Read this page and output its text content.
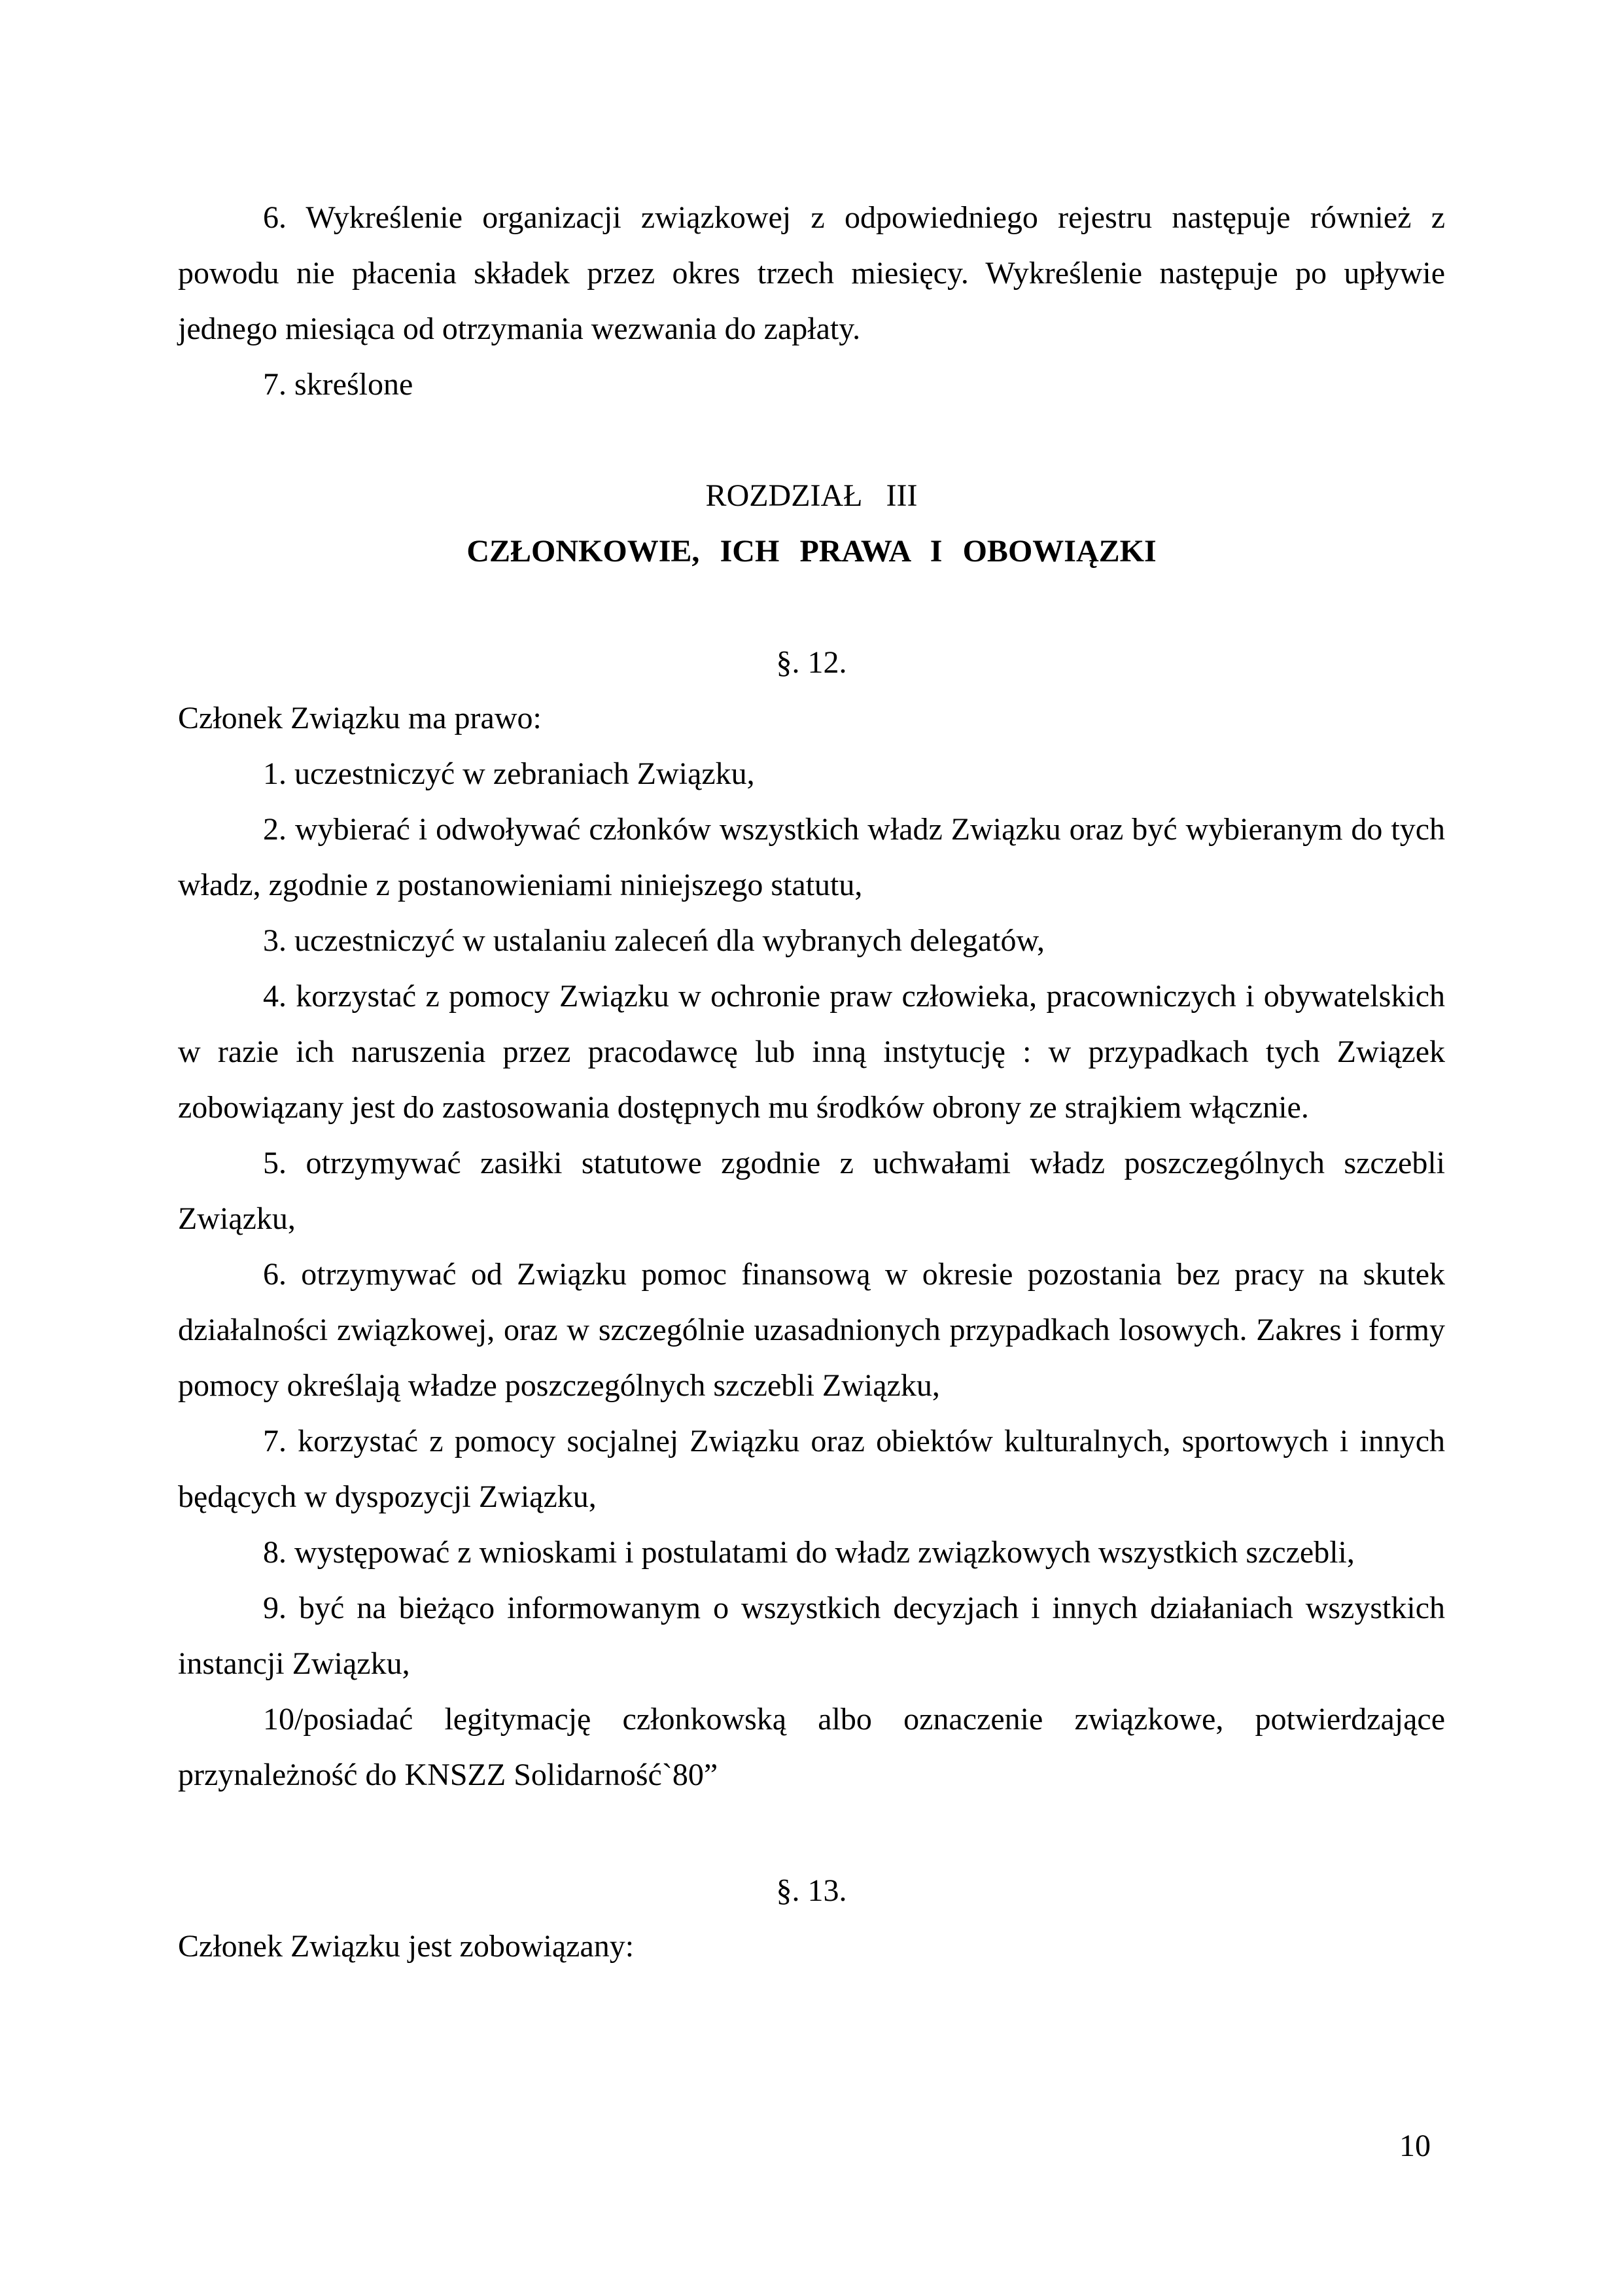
6. Wykreślenie organizacji związkowej z odpowiedniego rejestru następuje również z powodu nie płacenia składek przez okres trzech miesięcy. Wykreślenie następuje po upływie jednego miesiąca od otrzymania wezwania do zapłaty.

7. skreślone

ROZDZIAŁ III

CZŁONKOWIE, ICH PRAWA I OBOWIĄZKI

§. 12.

Członek Związku ma prawo:

1. uczestniczyć w zebraniach Związku,

2. wybierać i odwoływać członków wszystkich władz Związku oraz być wybieranym do tych władz, zgodnie z postanowieniami niniejszego statutu,

3. uczestniczyć w ustalaniu zaleceń dla wybranych delegatów,

4. korzystać z pomocy Związku w ochronie praw człowieka, pracowniczych i obywatelskich w razie ich naruszenia przez pracodawcę lub inną instytucję : w przypadkach tych Związek zobowiązany jest do zastosowania dostępnych mu środków obrony ze strajkiem włącznie.

5. otrzymywać zasiłki statutowe zgodnie z uchwałami władz poszczególnych szczebli Związku,

6. otrzymywać od Związku pomoc finansową w okresie pozostania bez pracy na skutek działalności związkowej, oraz w szczególnie uzasadnionych przypadkach losowych. Zakres i formy pomocy określają władze poszczególnych szczebli Związku,

7. korzystać z pomocy socjalnej Związku oraz obiektów kulturalnych, sportowych i innych będących w dyspozycji Związku,

8. występować z wnioskami i postulatami do władz związkowych wszystkich szczebli,

9. być na bieżąco informowanym o wszystkich decyzjach i innych działaniach wszystkich instancji Związku,

10/posiadać legitymację członkowską albo oznaczenie związkowe, potwierdzające przynależność do KNSZZ Solidarność`80”

§. 13.

Członek Związku jest zobowiązany:

10
